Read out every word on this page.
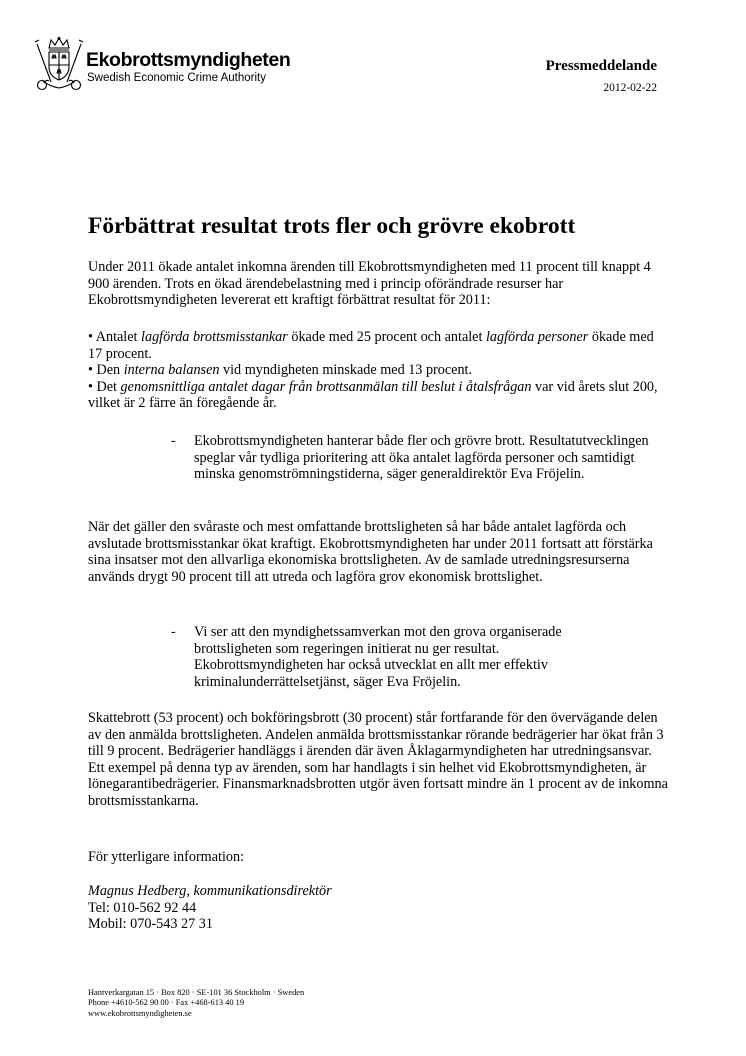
Ekobrottsmyndigheten
Swedish Economic Crime Authority
Pressmeddelande
2012-02-22
Förbättrat resultat trots fler och grövre ekobrott

Under 2011 ökade antalet inkomna ärenden till Ekobrottsmyndigheten med 11 procent till knappt 4 900 ärenden. Trots en ökad ärendebelastning med i princip oförändrade resurser har Ekobrottsmyndigheten levererat ett kraftigt förbättrat resultat för 2011:

• Antalet lagförda brottsmisstankar ökade med 25 procent och antalet lagförda personer ökade med 17 procent.
• Den interna balansen vid myndigheten minskade med 13 procent.
• Det genomsnittliga antalet dagar från brottsanmälan till beslut i åtalsfrågan var vid årets slut 200, vilket är 2 färre än föregående år.
- Ekobrottsmyndigheten hanterar både fler och grövre brott. Resultatutvecklingen speglar vår tydliga prioritering att öka antalet lagförda personer och samtidigt minska genomströmningstiderna, säger generaldirektör Eva Fröjelin.

När det gäller den svåraste och mest omfattande brottsligheten så har både antalet lagförda och avslutade brottsmisstankar ökat kraftigt. Ekobrottsmyndigheten har under 2011 fortsatt att förstärka sina insatser mot den allvarliga ekonomiska brottsligheten. Av de samlade utredningsresurserna används drygt 90 procent till att utreda och lagföra grov ekonomisk brottslighet.

- Vi ser att den myndighetssamverkan mot den grova organiserade brottsligheten som regeringen initierat nu ger resultat. Ekobrottsmyndigheten har också utvecklat en allt mer effektiv kriminalunderrättelsetjänst, säger Eva Fröjelin.

Skattebrott (53 procent) och bokföringsbrott (30 procent) står fortfarande för den övervägande delen av den anmälda brottsligheten. Andelen anmälda brottsmisstankar rörande bedrägerier har ökat från 3 till 9 procent. Bedrägerier handläggs i ärenden där även Åklagarmyndigheten har utredningsansvar. Ett exempel på denna typ av ärenden, som har handlagts i sin helhet vid Ekobrottsmyndigheten, är lönegarantibedrägerier. Finansmarknadsbrotten utgör även fortsatt mindre än 1 procent av de inkomna brottsmisstankarna.

För ytterligare information:
Magnus Hedberg, kommunikationsdirektör
Tel: 010-562 92 44
Mobil: 070-543 27 31
Hantverkargatan 15 · Box 820 · SE-101 36 Stockholm · Sweden
Phone +4610-562 90 00 · Fax +468-613 40 19
www.ekobrottsmyndigheten.se
